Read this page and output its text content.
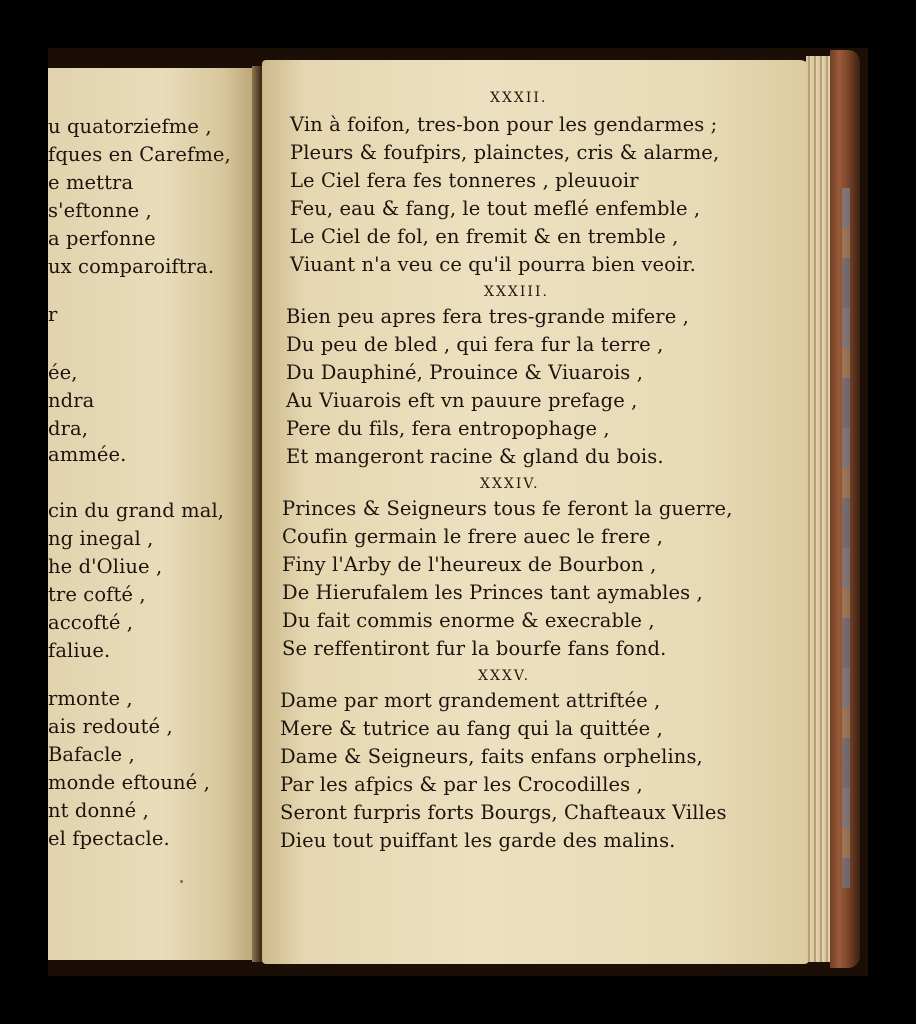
u quatorziefme ,
fques en Carefme,
e mettra
s'eftonne ,
a perfonne
ux comparoiftra.
r
ée,
ndra
dra,
ammée.
cin du grand mal,
ng inegal ,
he d'Oliue ,
tre cofté ,
accofté ,
faliue.
rmonte ,
ais redouté ,
Bafacle ,
monde eftouné ,
nt donné ,
el fpectacle.
XXXII.
Vin à foifon, tres-bon pour les gendarmes ;
Pleurs & foufpirs, plainctes, cris & alarme,
Le Ciel fera fes tonneres , pleuuoir
Feu, eau & fang, le tout meflé enfemble ,
Le Ciel de fol, en fremit & en tremble ,
Viuant n'a veu ce qu'il pourra bien veoir.
XXXIII.
Bien peu apres fera tres-grande mifere ,
Du peu de bled , qui fera fur la terre ,
Du Dauphiné, Prouince & Viuarois ,
Au Viuarois eft vn pauure prefage ,
Pere du fils, fera entropophage ,
Et mangeront racine & gland du bois.
XXXIV.
Princes & Seigneurs tous fe feront la guerre,
Coufin germain le frere auec le frere ,
Finy l'Arby de l'heureux de Bourbon ,
De Hierufalem les Princes tant aymables ,
Du fait commis enorme & execrable ,
Se reffentiront fur la bourfe fans fond.
XXXV.
Dame par mort grandement attriftée ,
Mere & tutrice au fang qui la quittée ,
Dame & Seigneurs, faits enfans orphelins,
Par les afpics & par les Crocodilles ,
Seront furpris forts Bourgs, Chafteaux Villes
Dieu tout puiffant les garde des malins.
